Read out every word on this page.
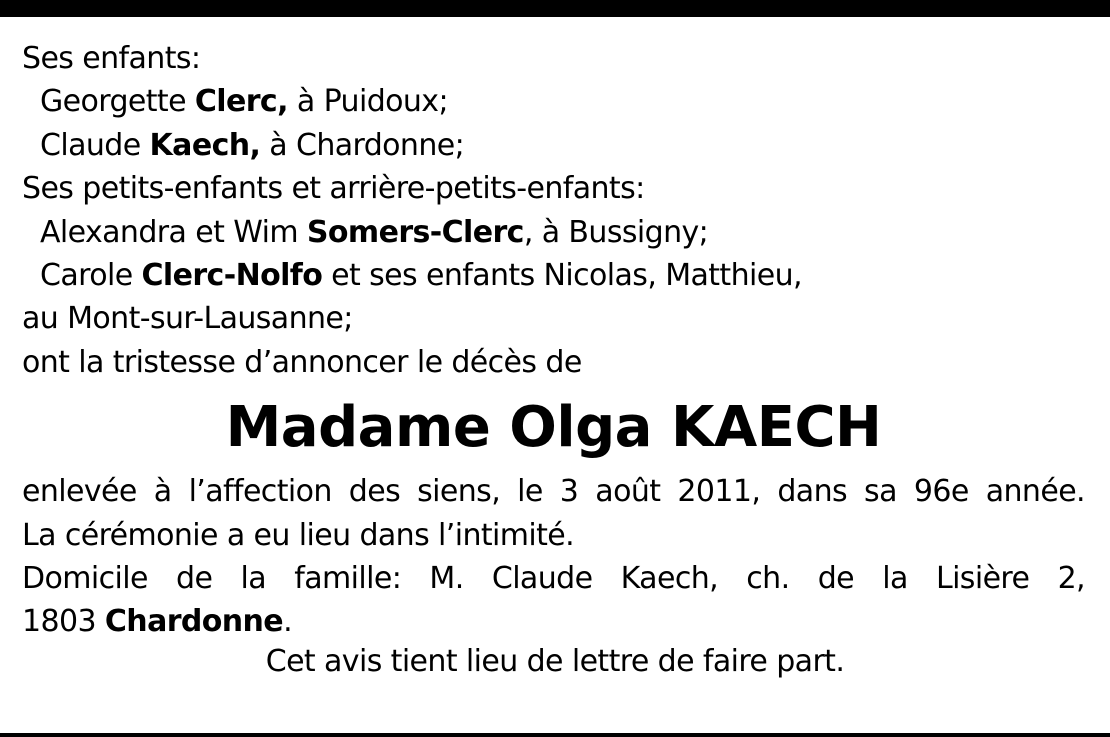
Ses enfants:
Georgette Clerc, à Puidoux;
Claude Kaech, à Chardonne;
Ses petits-enfants et arrière-petits-enfants:
Alexandra et Wim Somers-Clerc, à Bussigny;
Carole Clerc-Nolfo et ses enfants Nicolas, Matthieu,
au Mont-sur-Lausanne;
ont la tristesse d’annoncer le décès de
Madame Olga KAECH
enlevée à l’affection des siens, le 3 août 2011, dans sa 96e année.
La cérémonie a eu lieu dans l’intimité.
Domicile de la famille: M. Claude Kaech, ch. de la Lisière 2,
1803 Chardonne.
Cet avis tient lieu de lettre de faire part.
